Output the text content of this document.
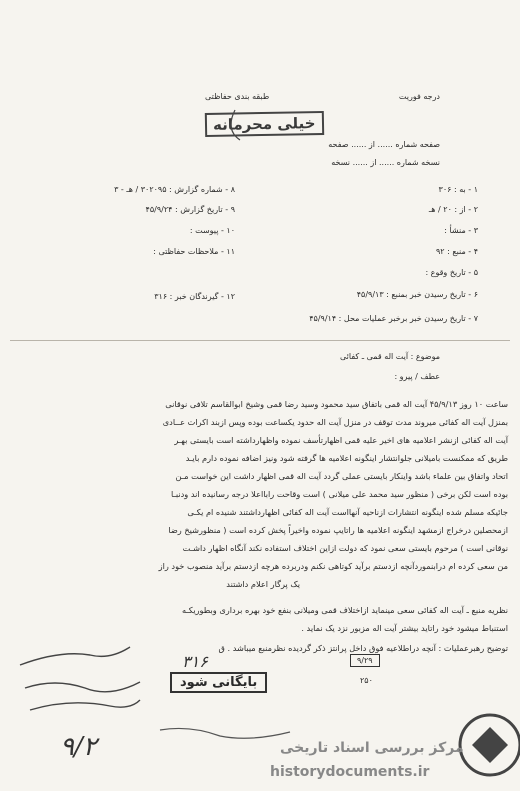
درجه فوریت
طبقه بندی حفاظتی
خیلی محرمانه
صفحه شماره ...... از ...... صفحه
نسخه شماره ...... از ...... نسخه
۱ - به : ۳۰۶
۲ - از : ۲۰ / هـ
۳ - منشأ :
۴ - منبع : ۹۲
۵ - تاریخ وقوع :
۶ - تاریخ رسیدن خبر بمنبع : ۴۵/۹/۱۳
۷ - تاریخ رسیدن خبر برخبر عملیات محل : ۴۵/۹/۱۴
۸ - شماره گزارش : ۳۰۲۰۹۵ / هـ - ۳
۹ - تاریخ گزارش : ۴۵/۹/۲۴
۱۰ - پیوست :
۱۱ - ملاحظات حفاظتی :
۱۲ - گیرندگان خبر : ۳۱۶
موضوع : آیت اله قمی ـ کفائی
عطف / پیرو :
ساعت ۱۰ روز ۴۵/۹/۱۳ آیت اله قمی باتفاق سید محمود وسید رضا قمی وشیخ ابوالقاسم تلافی نوقانی
بمنزل آیت اله کفائی میروند مدت توقف در منزل آیت اله حدود یکساعت بوده وپس ازبند اکرات عــادی
آیت اله کفائی ازنشر اعلامیه های اخیر علیه قمی اظهارتأسف نموده واظهارداشته است بایستی بهـر
طریق که ممکنست بامیلانی جلوانتشار اینگونه اعلامیه ها گرفته شود ونیز اضافه نموده دارم بایـد
اتحاد واتفاق بین علماء باشد واینکار بایستی عملی گردد آیت اله قمی اظهار داشت این خواست مـن
بوده است لکن برخی ( منظور سید محمد علی میلانی ) است وقاحت رابااعلا درجه رسانیده اند ودنبـا
جائیکه مسلم شده اینگونه انتشارات ازناحیه آنهااست آیت اله کفائی اظهارداشتند شنیده ام یکـی
ازمحصلین درخراج ازمشهد اینگونه اعلامیه ها راتایپ نموده واخیراً پخش کرده است ( منظورشیخ رضا
نوقانی است ) مرحوم بایستی سعی نمود که دولت ازاین اختلاف استفاده نکند آنگاه اظهار داشـت
من سعی کرده ام درابنموردآنچه ازدستم برآید کوتاهی نکنم ودربرده هرچه ازدستم برآید منصوب خود راز
یک پرگار اعلام داشتند
نظریه منبع ـ آیت اله کفائی سعی مینماید ازاختلاف قمی ومیلانی بنفع خود بهره برداری وبطوریکـه
استنباط میشود خود راتاید بیشتر آیت اله مزبور نزد یک نماید .
توضیح رهبرعملیات : آنچه دراطلاعیه فوق داخل پرانتز ذکر گردیده نظرمنبع میباشد . ق
۹/۲۹
۲۵۰
۳۱۶
بایگانی شود
۹/۲	مرکز بررسی اسناد تاریخی
historydocuments.ir
